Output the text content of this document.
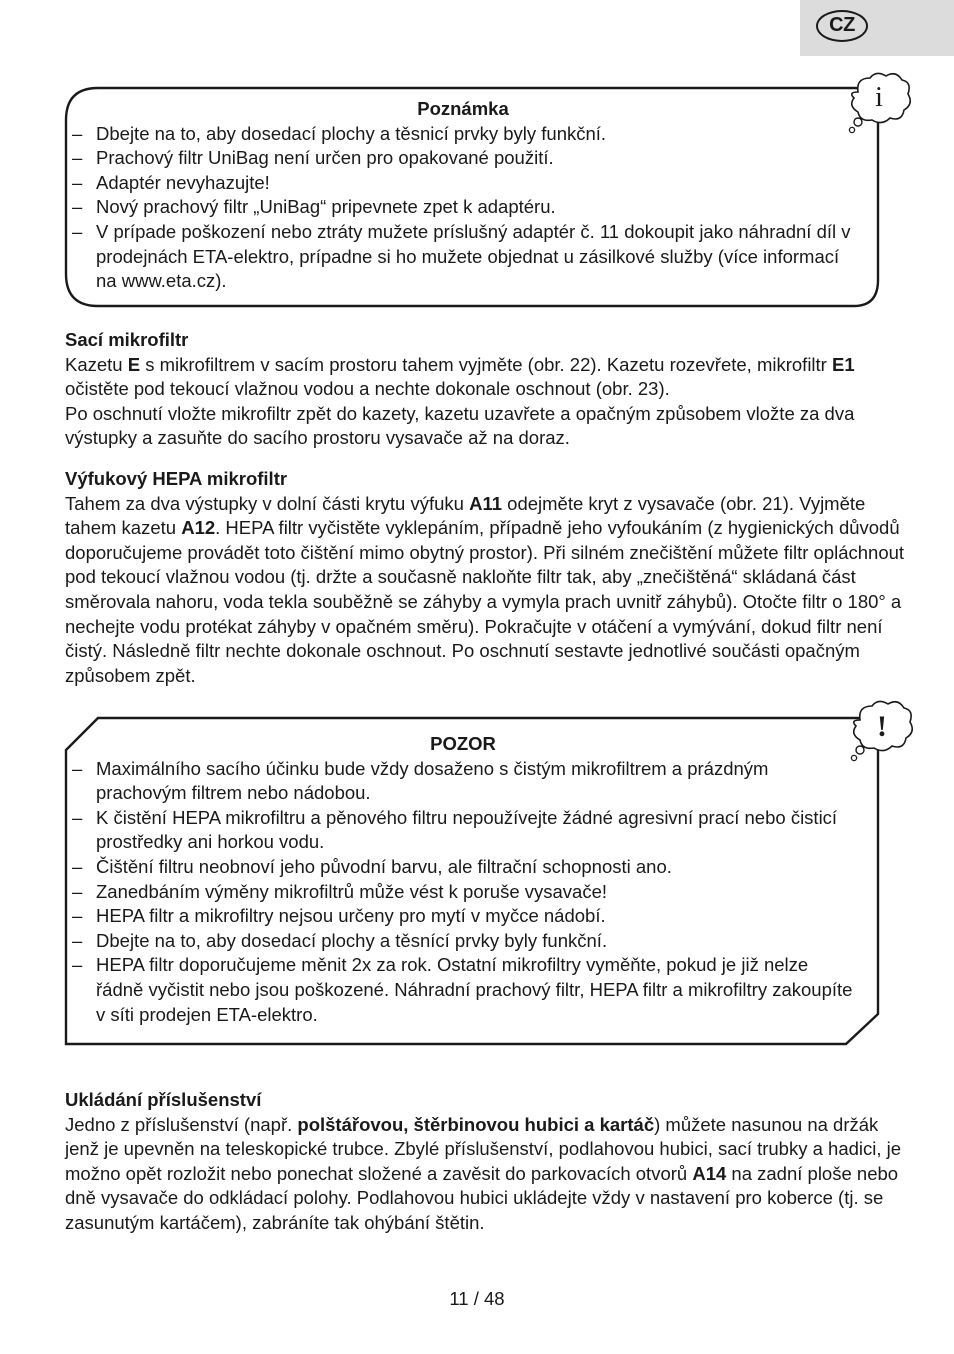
CZ
Poznámka
– Dbejte na to, aby dosedací plochy a těsnicí prvky byly funkční.
– Prachový filtr UniBag není určen pro opakované použití.
– Adaptér nevyhazujte!
– Nový prachový filtr „UniBag“ pripevnete zpet k adaptéru.
– V prípade poškození nebo ztráty mužete príslušný adaptér č. 11 dokoupit jako náhradní díl v prodejnách ETA-elektro, prípadne si ho mužete objednat u zásilkové služby (více informací na www.eta.cz).
i
Sací mikrofiltr

Kazetu E s mikrofiltrem v sacím prostoru tahem vyjměte (obr. 22). Kazetu rozevřete, mikrofiltr E1 očistěte pod tekoucí vlažnou vodou a nechte dokonale oschnout (obr. 23).

Po oschnutí vložte mikrofiltr zpět do kazety, kazetu uzavřete a opačným způsobem vložte za dva výstupky a zasuňte do sacího prostoru vysavače až na doraz.

Výfukový HEPA mikrofiltr

Tahem za dva výstupky v dolní části krytu výfuku A11 odejměte kryt z vysavače (obr. 21). Vyjměte tahem kazetu A12. HEPA filtr vyčistěte vyklepáním, případně jeho vyfoukáním (z hygienických důvodů doporučujeme provádět toto čištění mimo obytný prostor). Při silném znečištění můžete filtr opláchnout pod tekoucí vlažnou vodou (tj. držte a současně nakloňte filtr tak, aby „znečištěná“ skládaná část směrovala nahoru, voda tekla souběžně se záhyby a vymyla prach uvnitř záhybů). Otočte filtr o 180° a nechejte vodu protékat záhyby v opačném směru). Pokračujte v otáčení a vymývání, dokud filtr není čistý. Následně filtr nechte dokonale oschnout. Po oschnutí sestavte jednotlivé součásti opačným způsobem zpět.

POZOR
– Maximálního sacího účinku bude vždy dosaženo s čistým mikrofiltrem a prázdným prachovým filtrem nebo nádobou.
– K čistění HEPA mikrofiltru a pěnového filtru nepoužívejte žádné agresivní prací nebo čisticí prostředky ani horkou vodu.
– Čištění filtru neobnoví jeho původní barvu, ale filtrační schopnosti ano.
– Zanedbáním výměny mikrofiltrů může vést k poruše vysavače!
– HEPA filtr a mikrofiltry nejsou určeny pro mytí v myčce nádobí.
– Dbejte na to, aby dosedací plochy a těsnící prvky byly funkční.
– HEPA filtr doporučujeme měnit 2x za rok. Ostatní mikrofiltry vyměňte, pokud je již nelze řádně vyčistit nebo jsou poškozené. Náhradní prachový filtr, HEPA filtr a mikrofiltry zakoupíte v síti prodejen ETA-elektro.
!
Ukládání příslušenství

Jedno z příslušenství (např. polštářovou, štěrbinovou hubici a kartáč) můžete nasunou na držák jenž je upevněn na teleskopické trubce. Zbylé příslušenství, podlahovou hubici, sací trubky a hadici, je možno opět rozložit nebo ponechat složené a zavěsit do parkovacích otvorů A14 na zadní ploše nebo dně vysavače do odkládací polohy. Podlahovou hubici ukládejte vždy v nastavení pro koberce (tj. se zasunutým kartáčem), zabráníte tak ohýbání štětin.

11 / 48
